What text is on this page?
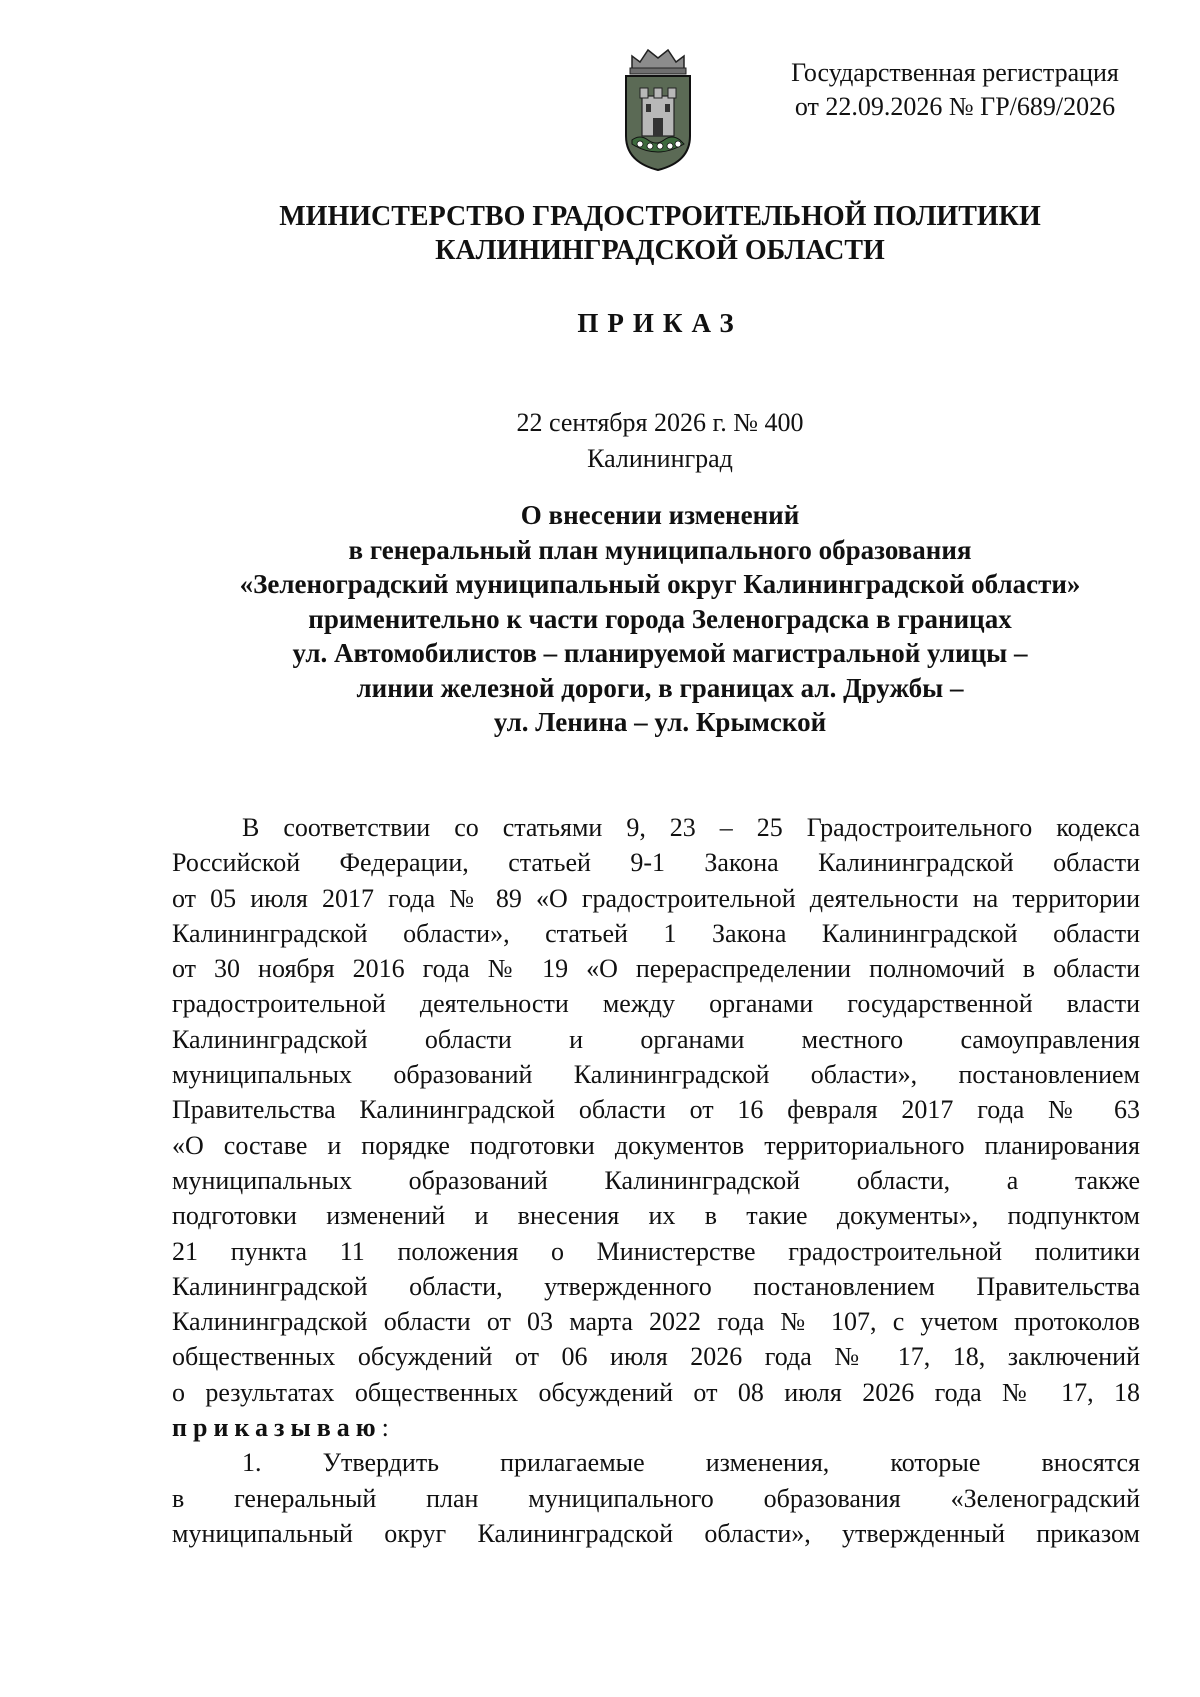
Государственная регистрация
от 22.09.2026 № ГР/689/2026
МИНИСТЕРСТВО ГРАДОСТРОИТЕЛЬНОЙ ПОЛИТИКИ
КАЛИНИНГРАДСКОЙ ОБЛАСТИ
ПРИКАЗ
22 сентября 2026 г. № 400
Калининград
О внесении изменений
в генеральный план муниципального образования
«Зеленоградский муниципальный округ Калининградской области»
применительно к части города Зеленоградска в границах
ул. Автомобилистов – планируемой магистральной улицы –
линии железной дороги, в границах ал. Дружбы –
ул. Ленина – ул. Крымской
В соответствии со статьями 9, 23 – 25 Градостроительного кодекса
Российской Федерации, статьей 9-1 Закона Калининградской области
от 05 июля 2017 года № 89 «О градостроительной деятельности на территории
Калининградской области», статьей 1 Закона Калининградской области
от 30 ноября 2016 года № 19 «О перераспределении полномочий в области
градостроительной деятельности между органами государственной власти
Калининградской области и органами местного самоуправления
муниципальных образований Калининградской области», постановлением
Правительства Калининградской области от 16 февраля 2017 года № 63
«О составе и порядке подготовки документов территориального планирования
муниципальных образований Калининградской области, а также
подготовки изменений и внесения их в такие документы», подпунктом
21 пункта 11 положения о Министерстве градостроительной политики
Калининградской области, утвержденного постановлением Правительства
Калининградской области от 03 марта 2022 года № 107, с учетом протоколов
общественных обсуждений от 06 июля 2026 года № 17, 18, заключений
о результатах общественных обсуждений от 08 июля 2026 года № 17, 18
приказываю:
1. Утвердить прилагаемые изменения, которые вносятся
в генеральный план муниципального образования «Зеленоградский
муниципальный округ Калининградской области», утвержденный приказом
